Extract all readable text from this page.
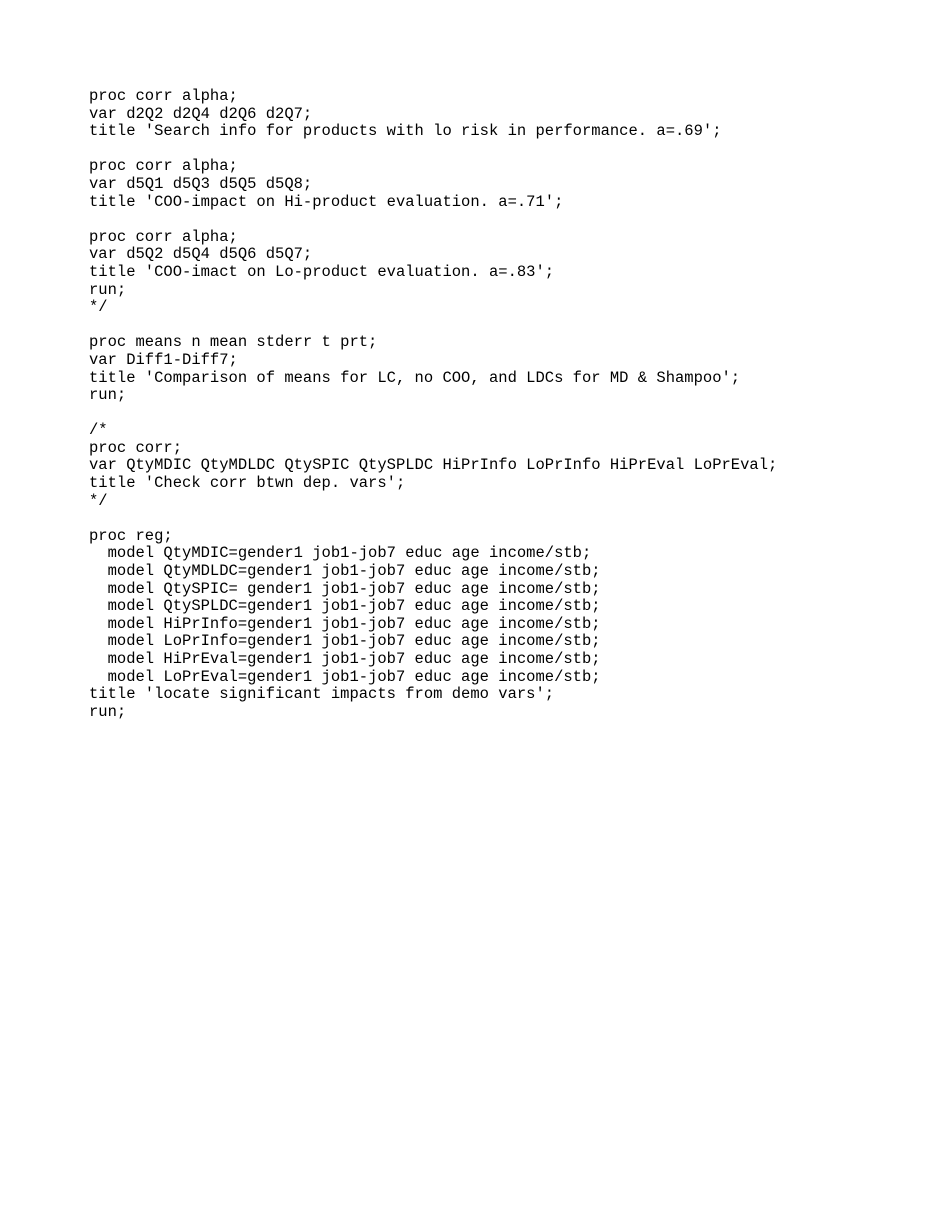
proc corr alpha;
var d2Q2 d2Q4 d2Q6 d2Q7;
title 'Search info for products with lo risk in performance. a=.69';
proc corr alpha;
var d5Q1 d5Q3 d5Q5 d5Q8;
title 'COO-impact on Hi-product evaluation. a=.71';
proc corr alpha;
var d5Q2 d5Q4 d5Q6 d5Q7;
title 'COO-imact on Lo-product evaluation. a=.83';
run;
*/
proc means n mean stderr t prt;
var Diff1-Diff7;
title 'Comparison of means for LC, no COO, and LDCs for MD & Shampoo';
run;
/*
proc corr;
var QtyMDIC QtyMDLDC QtySPIC QtySPLDC HiPrInfo LoPrInfo HiPrEval LoPrEval;
title 'Check corr btwn dep. vars';
*/
proc reg;
model QtyMDIC=gender1 job1-job7 educ age income/stb;
model QtyMDLDC=gender1 job1-job7 educ age income/stb;
model QtySPIC= gender1 job1-job7 educ age income/stb;
model QtySPLDC=gender1 job1-job7 educ age income/stb;
model HiPrInfo=gender1 job1-job7 educ age income/stb;
model LoPrInfo=gender1 job1-job7 educ age income/stb;
model HiPrEval=gender1 job1-job7 educ age income/stb;
model LoPrEval=gender1 job1-job7 educ age income/stb;
title 'locate significant impacts from demo vars';
run;
